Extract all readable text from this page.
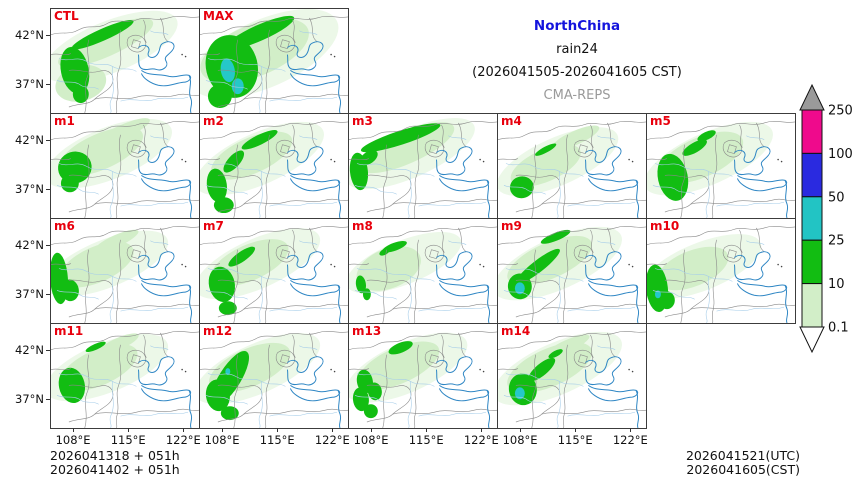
NorthChina
rain24
(2026041505-2026041605 CST)
CMA-REPS
CTL	MAX
m1	m2	m3	m4	m5
m6	m7	m8	m9	m10
m11	m12	m13	m14
42°N
37°N
42°N
37°N
42°N
37°N
42°N
37°N
108°E	115°E	122°E 108°E	115°E	122°E 108°E	115°E	122°E 108°E	115°E	122°E
250
100
50
25
10
0.1
2026041318 + 051h
2026041402 + 051h
2026041521(UTC)
2026041605(CST)
